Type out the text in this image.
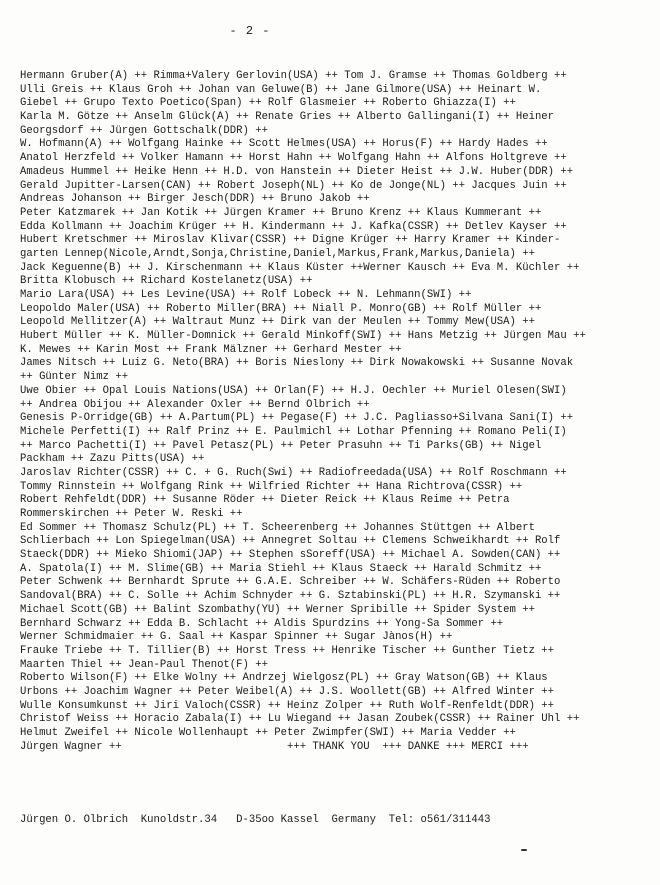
- 2 -
Hermann Gruber(A) ++ Rimma+Valery Gerlovin(USA) ++ Tom J. Gramse ++ Thomas Goldberg ++
Ulli Greis ++ Klaus Groh ++ Johan van Geluwe(B) ++ Jane Gilmore(USA) ++ Heinart W.
Giebel ++ Grupo Texto Poetico(Span) ++ Rolf Glasmeier ++ Roberto Ghiazza(I) ++
Karla M. Götze ++ Anselm Glück(A) ++ Renate Gries ++ Alberto Gallingani(I) ++ Heiner
Georgsdorf ++ Jürgen Gottschalk(DDR) ++
W. Hofmann(A) ++ Wolfgang Hainke ++ Scott Helmes(USA) ++ Horus(F) ++ Hardy Hades ++
Anatol Herzfeld ++ Volker Hamann ++ Horst Hahn ++ Wolfgang Hahn ++ Alfons Holtgreve ++
Amadeus Hummel ++ Heike Henn ++ H.D. von Hanstein ++ Dieter Heist ++ J.W. Huber(DDR) ++
Gerald Jupitter-Larsen(CAN) ++ Robert Joseph(NL) ++ Ko de Jonge(NL) ++ Jacques Juin ++
Andreas Johanson ++ Birger Jesch(DDR) ++ Bruno Jakob ++
Peter Katzmarek ++ Jan Kotik ++ Jürgen Kramer ++ Bruno Krenz ++ Klaus Kummerant ++
Edda Kollmann ++ Joachim Krüger ++ H. Kindermann ++ J. Kafka(CSSR) ++ Detlev Kayser ++
Hubert Kretschmer ++ Miroslav Klivar(CSSR) ++ Digne Krüger ++ Harry Kramer ++ Kinder-
garten Lennep(Nicole,Arndt,Sonja,Christine,Daniel,Markus,Frank,Markus,Daniela) ++
Jack Keguenne(B) ++ J. Kirschenmann ++ Klaus Küster ++Werner Kausch ++ Eva M. Küchler ++
Britta Klobusch ++ Richard Kostelanetz(USA) ++
Mario Lara(USA) ++ Les Levine(USA) ++ Rolf Lobeck ++ N. Lehmann(SWI) ++
Leopoldo Maler(USA) ++ Roberto Miller(BRA) ++ Niall P. Monro(GB) ++ Rolf Müller ++
Leopold Mellitzer(A) ++ Waltraut Munz ++ Dirk van der Meulen ++ Tommy Mew(USA) ++
Hubert Müller ++ K. Müller-Domnick ++ Gerald Minkoff(SWI) ++ Hans Metzig ++ Jürgen Mau ++
K. Mewes ++ Karin Most ++ Frank Mälzner ++ Gerhard Mester ++
James Nitsch ++ Luiz G. Neto(BRA) ++ Boris Nieslony ++ Dirk Nowakowski ++ Susanne Novak
++ Günter Nimz ++
Uwe Obier ++ Opal Louis Nations(USA) ++ Orlan(F) ++ H.J. Oechler ++ Muriel Olesen(SWI)
++ Andrea Obijou ++ Alexander Öxler ++ Bernd Olbrich ++
Genesis P-Orridge(GB) ++ A.Partum(PL) ++ Pegase(F) ++ J.C. Pagliasso+Silvana Sani(I) ++
Michele Perfetti(I) ++ Ralf Prinz ++ E. Paulmichl ++ Lothar Pfenning ++ Romano Peli(I)
++ Marco Pachetti(I) ++ Pavel Petasz(PL) ++ Peter Prasuhn ++ Ti Parks(GB) ++ Nigel
Packham ++ Zazu Pitts(USA) ++
Jaroslav Richter(CSSR) ++ C. + G. Ruch(Swi) ++ Radiofreedada(USA) ++ Rolf Roschmann ++
Tommy Rinnstein ++ Wolfgang Rink ++ Wilfried Richter ++ Hana Richtrova(CSSR) ++
Robert Rehfeldt(DDR) ++ Susanne Röder ++ Dieter Reick ++ Klaus Reime ++ Petra
Rommerskirchen ++ Peter W. Reski ++
Ed Sommer ++ Thomasz Schulz(PL) ++ T. Scheerenberg ++ Johannes Stüttgen ++ Albert
Schlierbach ++ Lon Spiegelman(USA) ++ Annegret Soltau ++ Clemens Schweikhardt ++ Rolf
Staeck(DDR) ++ Mieko Shiomi(JAP) ++ Stephen sSoreff(USA) ++ Michael A. Sowden(CAN) ++
A. Spatola(I) ++ M. Slime(GB) ++ Maria Stiehl ++ Klaus Staeck ++ Harald Schmitz ++
Peter Schwenk ++ Bernhardt Sprute ++ G.A.E. Schreiber ++ W. Schäfers-Rüden ++ Roberto
Sandoval(BRA) ++ C. Solle ++ Achim Schnyder ++ G. Sztabinski(PL) ++ H.R. Szymanski ++
Michael Scott(GB) ++ Balint Szombathy(YU) ++ Werner Spribille ++ Spider System ++
Bernhard Schwarz ++ Edda B. Schlacht ++ Aldis Spurdzins ++ Yong-Sa Sommer ++
Werner Schmidmaier ++ G. Saal ++ Kaspar Spinner ++ Sugar Jànos(H) ++
Frauke Triebe ++ T. Tillier(B) ++ Horst Tress ++ Henrike Tischer ++ Gunther Tietz ++
Maarten Thiel ++ Jean-Paul Thenot(F) ++
Roberto Wilson(F) ++ Elke Wolny ++ Andrzej Wielgosz(PL) ++ Gray Watson(GB) ++ Klaus
Urbons ++ Joachim Wagner ++ Peter Weibel(A) ++ J.S. Woollett(GB) ++ Alfred Winter ++
Wulle Konsumkunst ++ Jiri Valoch(CSSR) ++ Heinz Zolper ++ Ruth Wolf-Renfeldt(DDR) ++
Christof Weiss ++ Horacio Zabala(I) ++ Lu Wiegand ++ Jasan Zoubek(CSSR) ++ Rainer Uhl ++
Helmut Zweifel ++ Nicole Wollenhaupt ++ Peter Zwimpfer(SWI) ++ Maria Vedder ++
Jürgen Wagner ++                          +++ THANK YOU  +++ DANKE +++ MERCI +++
Jürgen O. Olbrich  Kunoldstr.34   D-35oo Kassel  Germany  Tel: o561/311443
